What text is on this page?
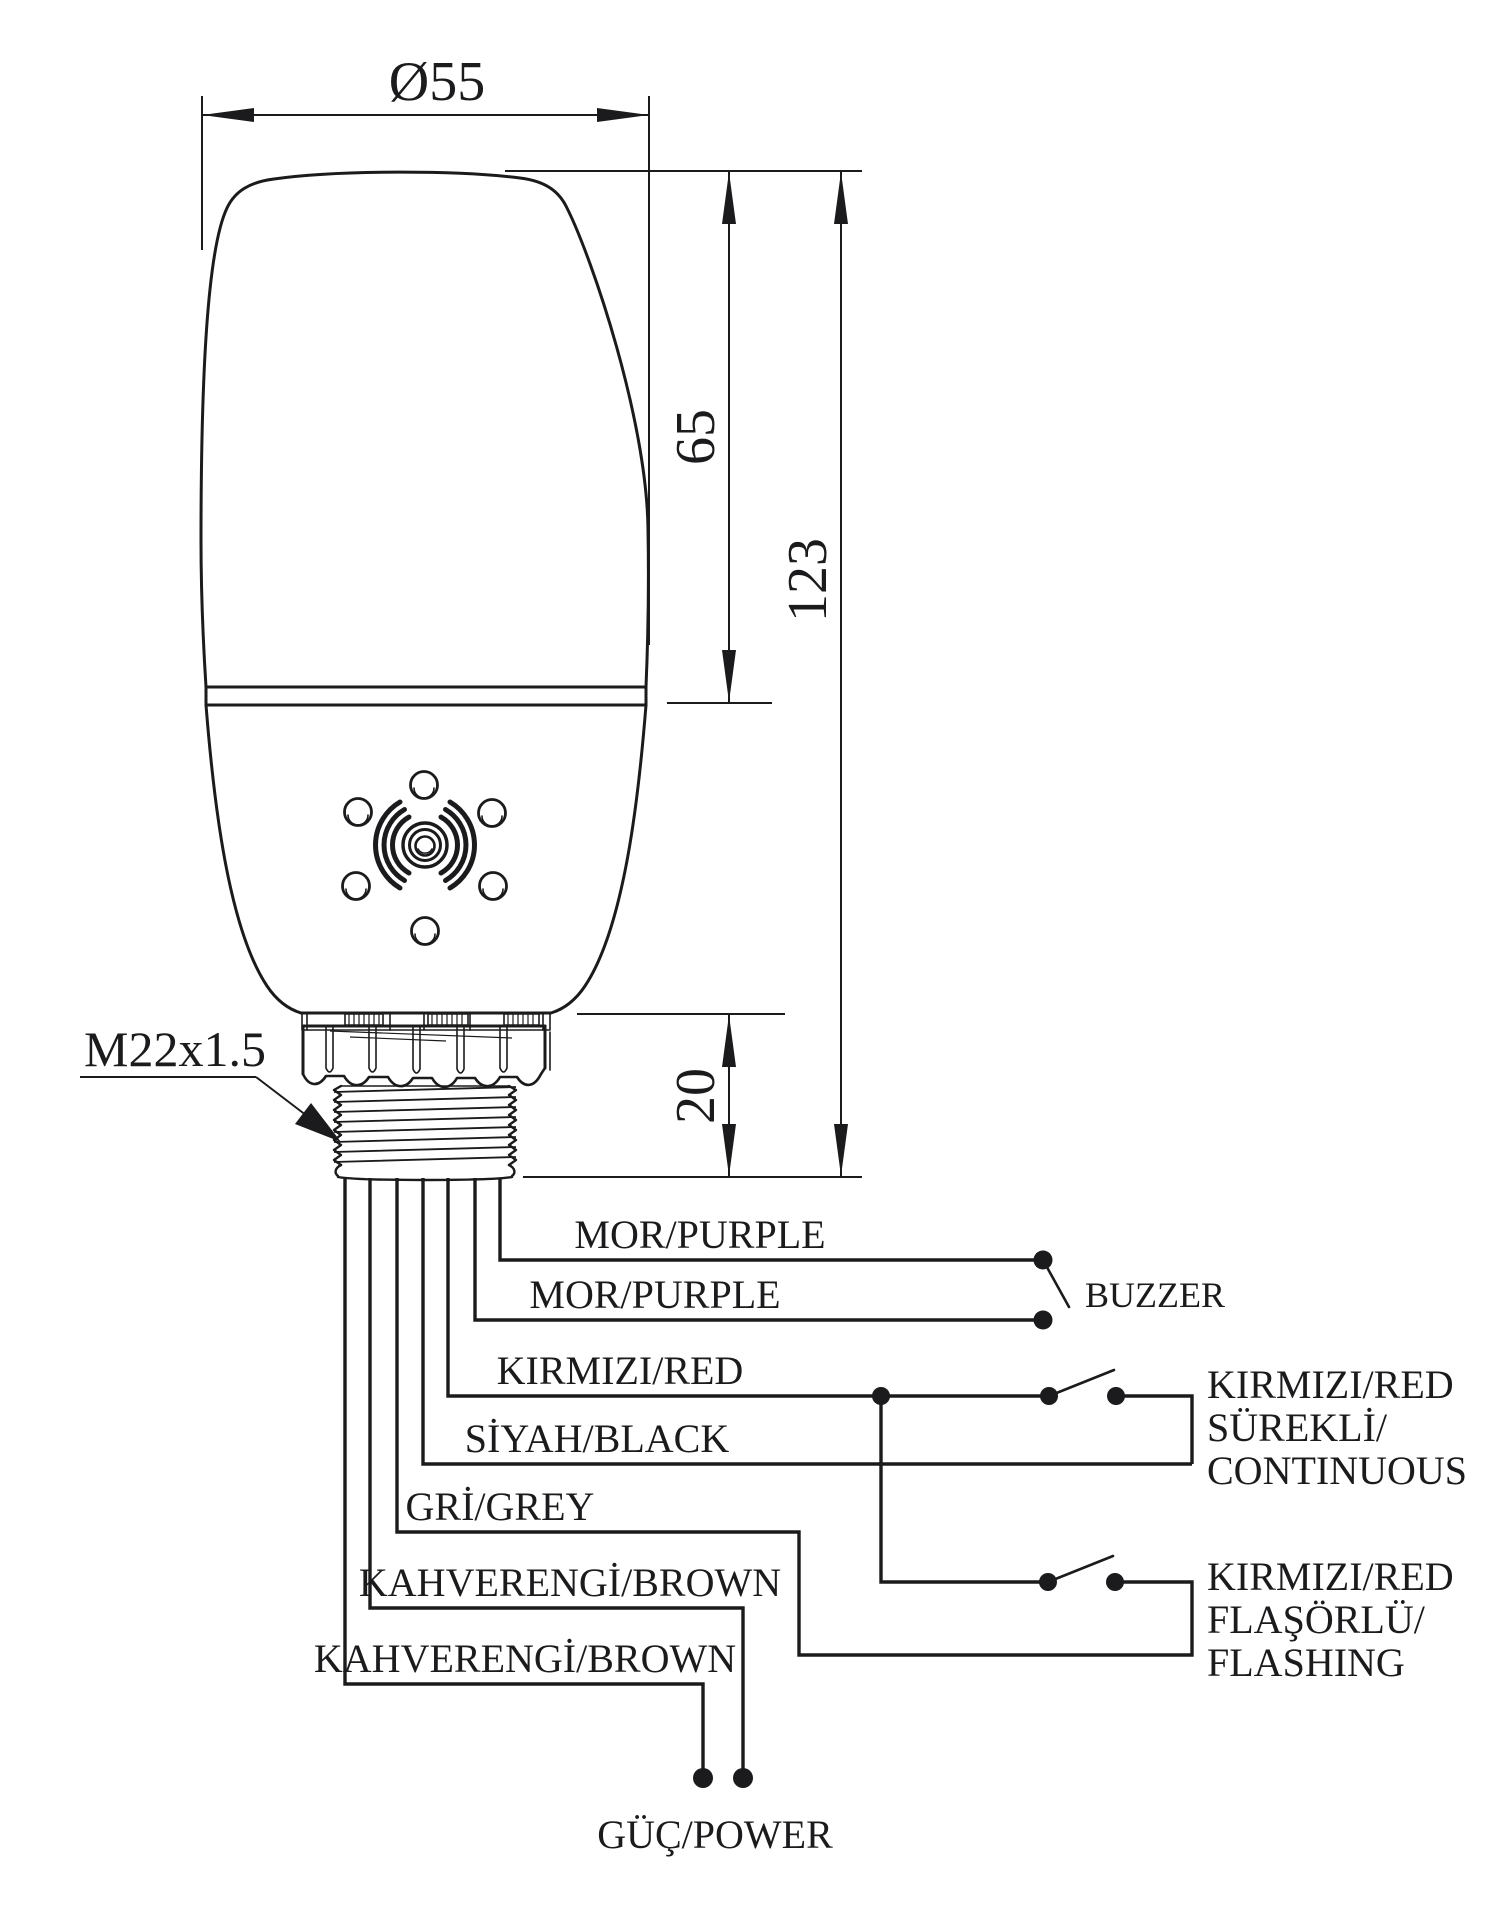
Ø55
65
123
20
M22x1.5
MOR/PURPLE
MOR/PURPLE
KIRMIZI/RED
SİYAH/BLACK
GRİ/GREY
KAHVERENGİ/BROWN
KAHVERENGİ/BROWN
BUZZER
KIRMIZI/RED
SÜREKLİ/
CONTINUOUS
KIRMIZI/RED
FLAŞÖRLÜ/
FLASHING
GÜÇ/POWER
